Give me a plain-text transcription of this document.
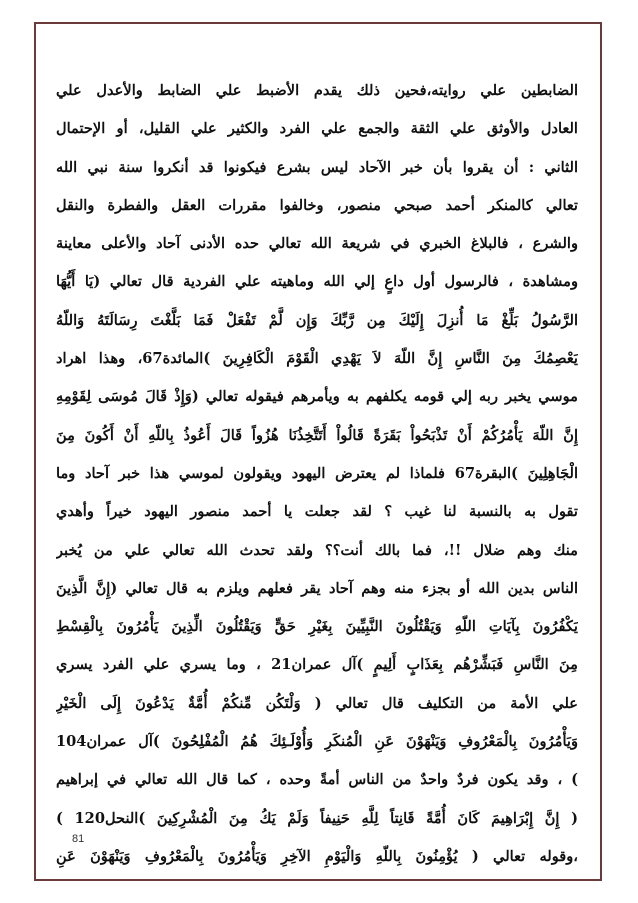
الضابطين علي روايته،فحين ذلك يقدم الأضبط علي الضابط والأعدل علي
العادل والأوثق علي الثقة والجمع علي الفرد والكثير علي القليل، أو الإحتمال
الثاني : أن يقروا بأن خبر الآحاد ليس بشرع فيكونوا قد أنكروا سنة نبي الله
تعالي كالمنكر أحمد صبحي منصور، وخالفوا مقررات العقل والفطرة والنقل
والشرع ، فالبلاغ الخبري في شريعة الله تعالي حده الأدنى آحاد والأعلى معاينة
ومشاهدة ، فالرسول أول داعٍ إلي الله وماهيته علي الفردية قال تعالي (يَا أَيُّهَا
الرَّسُولُ بَلِّغْ مَا أُنزِلَ إِلَيْكَ مِن رَّبِّكَ وَإِن لَّمْ تَفْعَلْ فَمَا بَلَّغْتَ رِسَالَتَهُ وَاللّهُ
يَعْصِمُكَ مِنَ النَّاسِ إِنَّ اللّهَ لاَ يَهْدِي الْقَوْمَ الْكَافِرِينَ )المائدة67، وهذا اهراد
موسي يخبر ربه إلي قومه يكلفهم به ويأمرهم فيقوله تعالي (وَإِذْ قَالَ مُوسَى لِقَوْمِهِ
إِنَّ اللّهَ يَأْمُرُكُمْ أَنْ تَذْبَحُواْ بَقَرَةً قَالُواْ أَتَتَّخِذُنَا هُزُواً قَالَ أَعُوذُ بِاللّهِ أَنْ أَكُونَ مِنَ
الْجَاهِلِينَ )البقرة67 فلماذا لم يعترض اليهود ويقولون لموسي هذا خبر آحاد وما
تقول به بالنسبة لنا غيب ؟ لقد جعلت يا أحمد منصور اليهود خيراً وأهدي
منك وهم ضلال !!، فما بالك أنت؟؟ ولقد تحدث الله تعالي علي من يُخبر
الناس بدين الله أو بجزء منه وهم آحاد يقر فعلهم ويلزم به قال تعالي (إِنَّ الَّذِينَ
يَكْفُرُونَ بِآيَاتِ اللّهِ وَيَقْتُلُونَ النَّبِيِّينَ بِغَيْرِ حَقٍّ وَيَقْتُلُونَ الِّذِينَ يَأْمُرُونَ بِالْقِسْطِ
مِنَ النَّاسِ فَبَشِّرْهُم بِعَذَابٍ أَلِيمٍ )آل عمران21 ، وما يسري علي الفرد يسري
علي الأمة من التكليف قال تعالي ( وَلْتَكُن مِّنكُمْ أُمَّةٌ يَدْعُونَ إِلَى الْخَيْرِ
وَيَأْمُرُونَ بِالْمَعْرُوفِ وَيَنْهَوْنَ عَنِ الْمُنكَرِ وَأُوْلَـئِكَ هُمُ الْمُفْلِحُونَ )آل عمران104
) ، وقد يكون فردٌ واحدٌ من الناس أمةً وحده ، كما قال الله تعالي في إبراهيم
( إِنَّ إِبْرَاهِيمَ كَانَ أُمَّةً قَانِتاً لِلَّهِ حَنِيفاً وَلَمْ يَكُ مِنَ الْمُشْرِكِينَ )النحل120 )
،وقوله تعالي ( يُؤْمِنُونَ بِاللّهِ وَالْيَوْمِ الآخِرِ وَيَأْمُرُونَ بِالْمَعْرُوفِ وَيَنْهَوْنَ عَنِ
81
